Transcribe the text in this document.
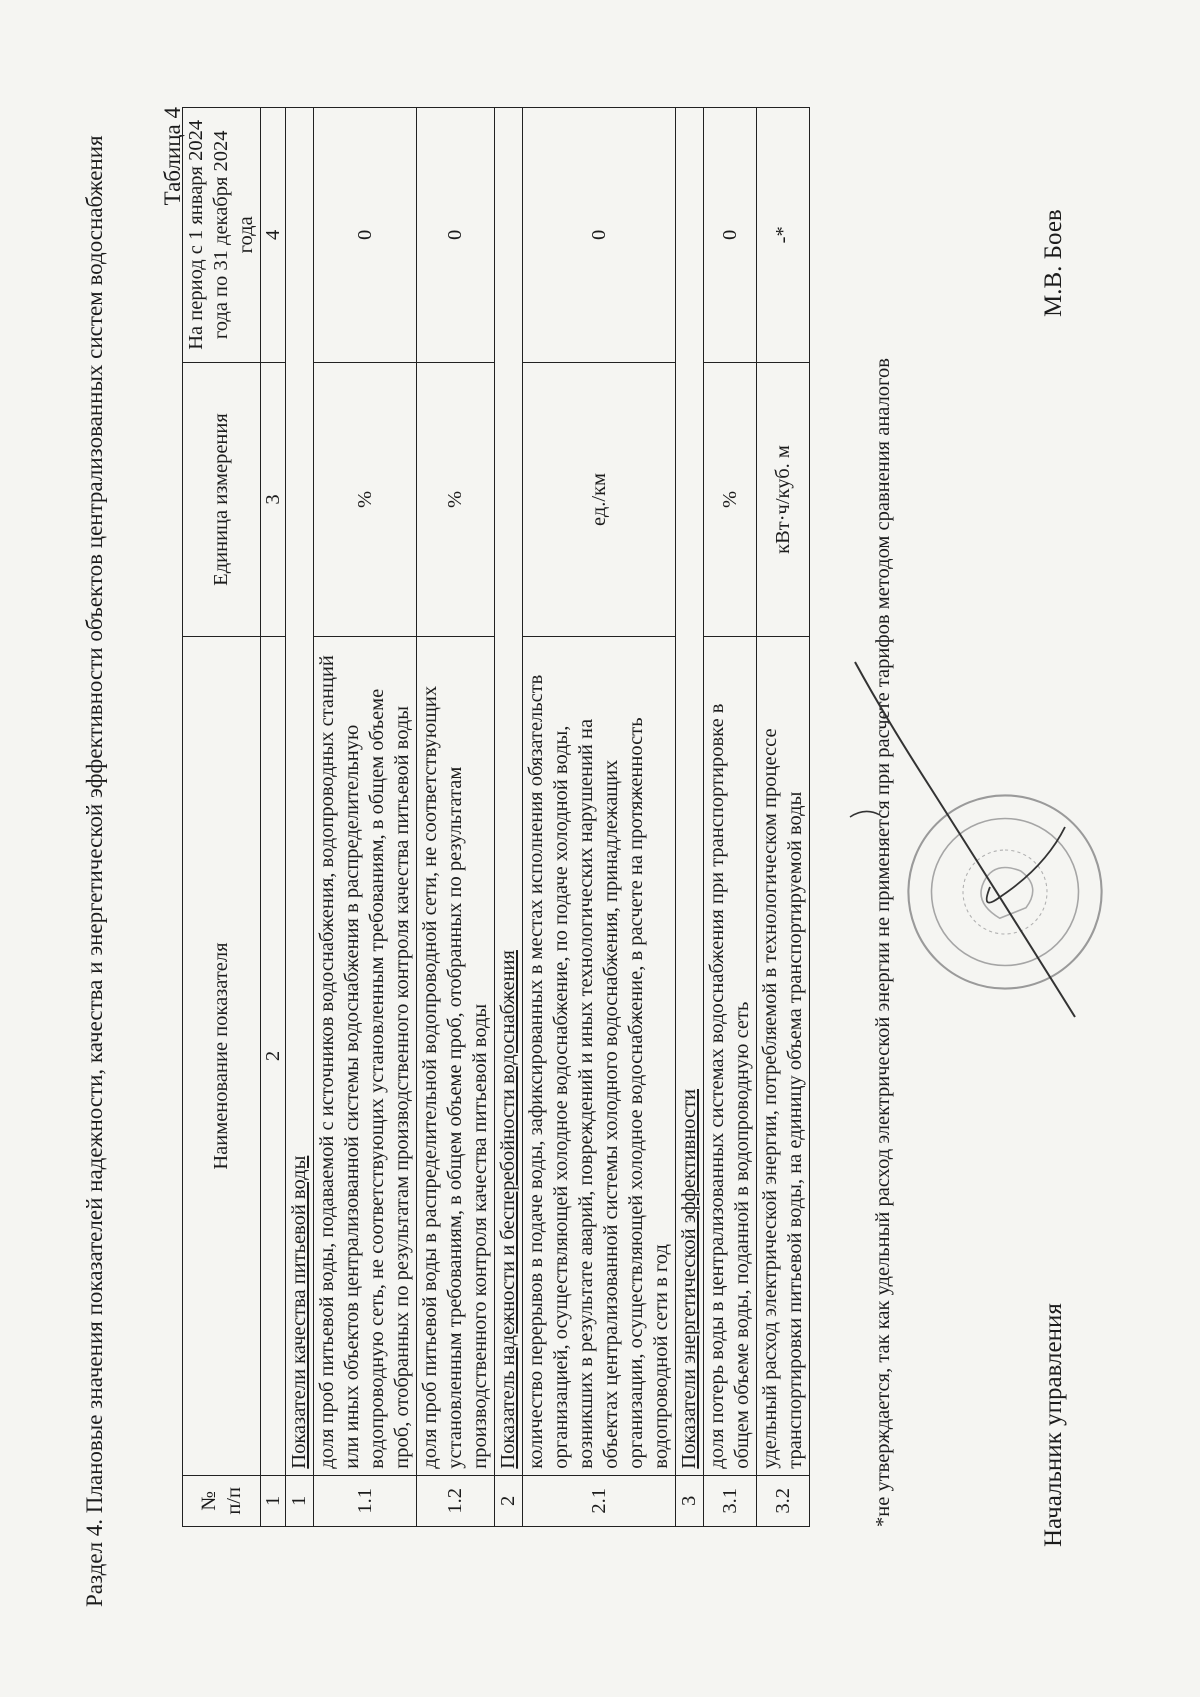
Раздел 4. Плановые значения показателей надежности, качества и энергетической эффективности объектов централизованных систем водоснабжения Таблица 4
№ п/п	Наименование показателя	Единица измерения	На период с 1 января 2024 года по 31 декабря 2024 года
1	2	3	4
1	Показатели качества питьевой воды		
1.1	доля проб питьевой воды, подаваемой с источников водоснабжения, водопроводных станций или иных объектов централизованной системы водоснабжения в распределительную водопроводную сеть, не соответствующих установленным требованиям, в общем объеме проб, отобранных по результатам производственного контроля качества питьевой воды	%	0
1.2	доля проб питьевой воды в распределительной водопроводной сети, не соответствующих установленным требованиям, в общем объеме проб, отобранных по результатам производственного контроля качества питьевой воды	%	0
2	Показатель надежности и бесперебойности водоснабжения		
2.1	количество перерывов в подаче воды, зафиксированных в местах исполнения обязательств организацией, осуществляющей холодное водоснабжение, по подаче холодной воды, возникших в результате аварий, повреждений и иных технологических нарушений на объектах централизованной системы холодного водоснабжения, принадлежащих организации, осуществляющей холодное водоснабжение, в расчете на протяженность водопроводной сети в год	ед./км	0
3	Показатели энергетической эффективности		
3.1	доля потерь воды в централизованных системах водоснабжения при транспортировке в общем объеме воды, поданной в водопроводную сеть	%	0
3.2	удельный расход электрической энергии, потребляемой в технологическом процессе транспортировки питьевой воды, на единицу объема транспортируемой воды	кВт·ч/куб. м	-*
*не утверждается, так как удельный расход электрической энергии не применяется при расчете тарифов методом сравнения аналогов	Начальник управления
М.В. Боев
